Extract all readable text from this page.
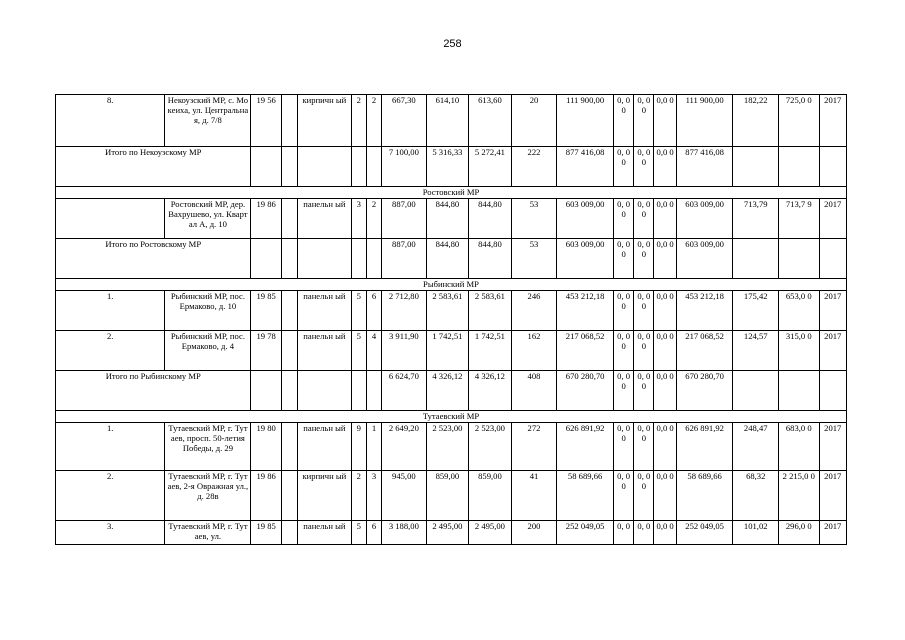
258
8.	Некоузский МР, с. Мокеиха, ул. Центральная, д. 7/8	19 56		кирпичн ый	2	2	667,30	614,10	613,60	20	111 900,00	0, 0 0	0, 0 0	0,0 0	111 900,00	182,22	725,0 0	2017
Итого по Некоузскому МР							7 100,00	5 316,33	5 272,41	222	877 416,08	0, 0 0	0, 0 0	0,0 0	877 416,08			
Ростовский МР																		
	Ростовский МР, дер. Вахрушево, ул. Квартал А, д. 10	19 86		панельн ый	3	2	887,00	844,80	844,80	53	603 009,00	0, 0 0	0, 0 0	0,0 0	603 009,00	713,79	713,7 9	2017
Итого по Ростовскому МР							887,00	844,80	844,80	53	603 009,00	0, 0 0	0, 0 0	0,0 0	603 009,00			
Рыбинский МР																		
1.	Рыбинский МР, пос. Ермаково, д. 10	19 85		панельн ый	5	6	2 712,80	2 583,61	2 583,61	246	453 212,18	0, 0 0	0, 0 0	0,0 0	453 212,18	175,42	653,0 0	2017
2.	Рыбинский МР, пос. Ермаково, д. 4	19 78		панельн ый	5	4	3 911,90	1 742,51	1 742,51	162	217 068,52	0, 0 0	0, 0 0	0,0 0	217 068,52	124,57	315,0 0	2017
Итого по Рыбинскому МР							6 624,70	4 326,12	4 326,12	408	670 280,70	0, 0 0	0, 0 0	0,0 0	670 280,70			
Тутаевский МР																		
1.	Тутаевский МР, г. Тутаев, просп. 50-летия Победы, д. 29	19 80		панельн ый	9	1	2 649,20	2 523,00	2 523,00	272	626 891,92	0, 0 0	0, 0 0	0,0 0	626 891,92	248,47	683,0 0	2017
2.	Тутаевский МР, г. Тутаев, 2-я Овражная ул., д. 28в	19 86		кирпичн ый	2	3	945,00	859,00	859,00	41	58 689,66	0, 0 0	0, 0 0	0,0 0	58 689,66	68,32	2 215,0 0	2017
3.	Тутаевский МР, г. Тутаев, ул.	19 85		панельн ый	5	6	3 188,00	2 495,00	2 495,00	200	252 049,05	0, 0	0, 0	0,0 0	252 049,05	101,02	296,0 0	2017
